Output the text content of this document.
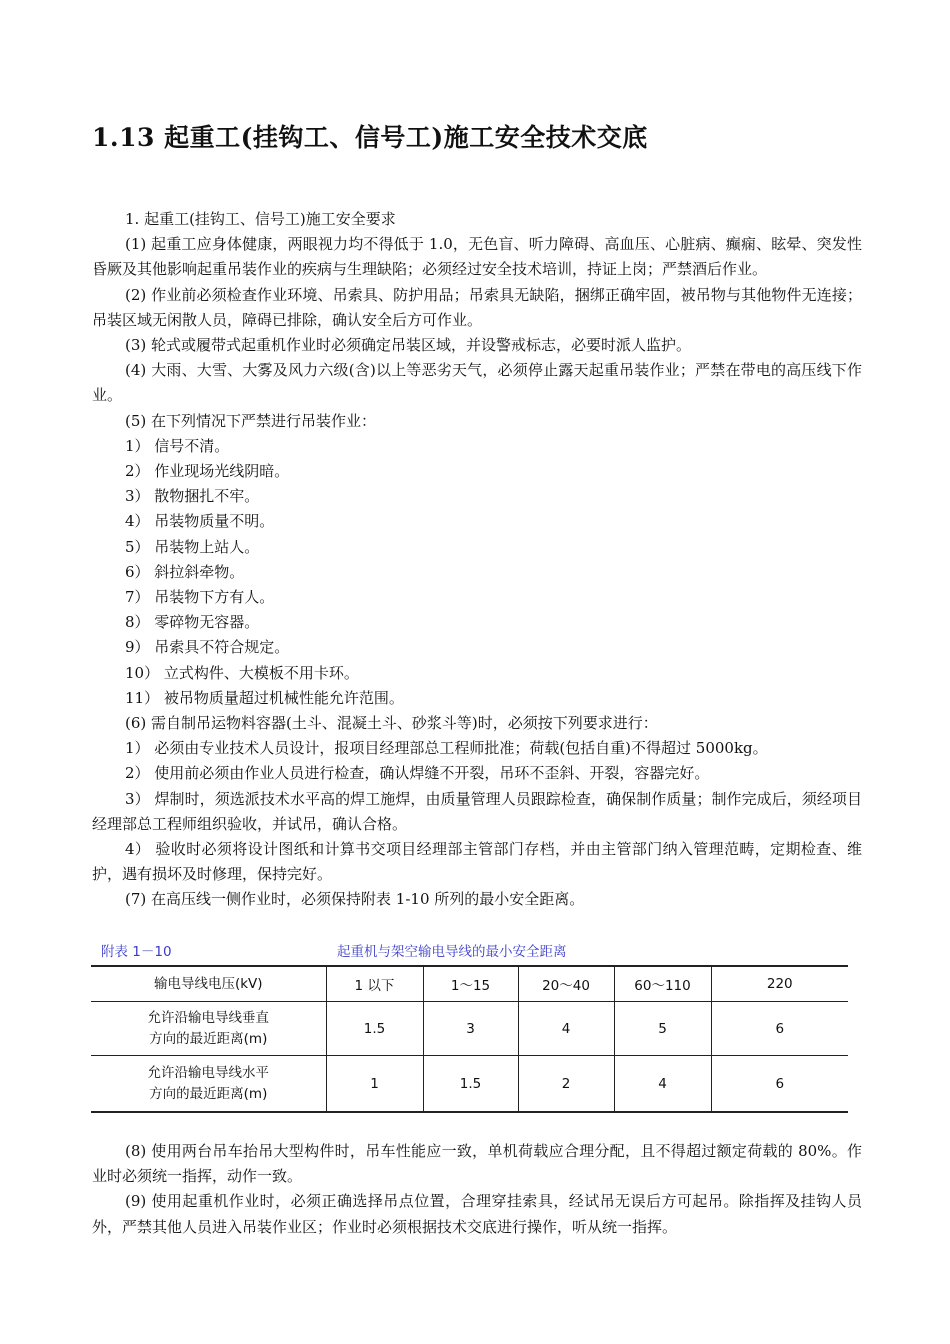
1.13 起重工(挂钩工、信号工)施工安全技术交底

1. 起重工(挂钩工、信号工)施工安全要求

(1) 起重工应身体健康，两眼视力均不得低于 1.0，无色盲、听力障碍、高血压、心脏病、癫痫、眩晕、突发性昏厥及其他影响起重吊装作业的疾病与生理缺陷；必须经过安全技术培训，持证上岗；严禁酒后作业。

(2) 作业前必须检查作业环境、吊索具、防护用品；吊索具无缺陷，捆绑正确牢固，被吊物与其他物件无连接；吊装区域无闲散人员，障碍已排除，确认安全后方可作业。

(3) 轮式或履带式起重机作业时必须确定吊装区域，并设警戒标志，必要时派人监护。

(4) 大雨、大雪、大雾及风力六级(含)以上等恶劣天气，必须停止露天起重吊装作业；严禁在带电的高压线下作业。

(5) 在下列情况下严禁进行吊装作业：

1） 信号不清。

2） 作业现场光线阴暗。

3） 散物捆扎不牢。

4） 吊装物质量不明。

5） 吊装物上站人。

6） 斜拉斜牵物。

7） 吊装物下方有人。

8） 零碎物无容器。

9） 吊索具不符合规定。

10） 立式构件、大模板不用卡环。

11） 被吊物质量超过机械性能允许范围。

(6) 需自制吊运物料容器(土斗、混凝土斗、砂浆斗等)时，必须按下列要求进行：

1） 必须由专业技术人员设计，报项目经理部总工程师批准；荷载(包括自重)不得超过 5000kg。

2） 使用前必须由作业人员进行检查，确认焊缝不开裂，吊环不歪斜、开裂，容器完好。

3） 焊制时，须选派技术水平高的焊工施焊，由质量管理人员跟踪检查，确保制作质量；制作完成后，须经项目经理部总工程师组织验收，并试吊，确认合格。

4） 验收时必须将设计图纸和计算书交项目经理部主管部门存档，并由主管部门纳入管理范畴，定期检查、维护，遇有损坏及时修理，保持完好。

(7) 在高压线一侧作业时，必须保持附表 1-10 所列的最小安全距离。

附表 1－10	起重机与架空输电导线的最小安全距离
输电导线电压(kV)	1 以下	1～15	20～40	60～110	220

允许沿输电导线垂直
方向的最近距离(m)	1.5	3	4	5	6

允许沿输电导线水平
方向的最近距离(m)	1	1.5	2	4	6

(8) 使用两台吊车抬吊大型构件时，吊车性能应一致，单机荷载应合理分配，且不得超过额定荷载的 80%。作业时必须统一指挥，动作一致。

(9) 使用起重机作业时，必须正确选择吊点位置，合理穿挂索具，经试吊无误后方可起吊。除指挥及挂钩人员外，严禁其他人员进入吊装作业区；作业时必须根据技术交底进行操作，听从统一指挥。
